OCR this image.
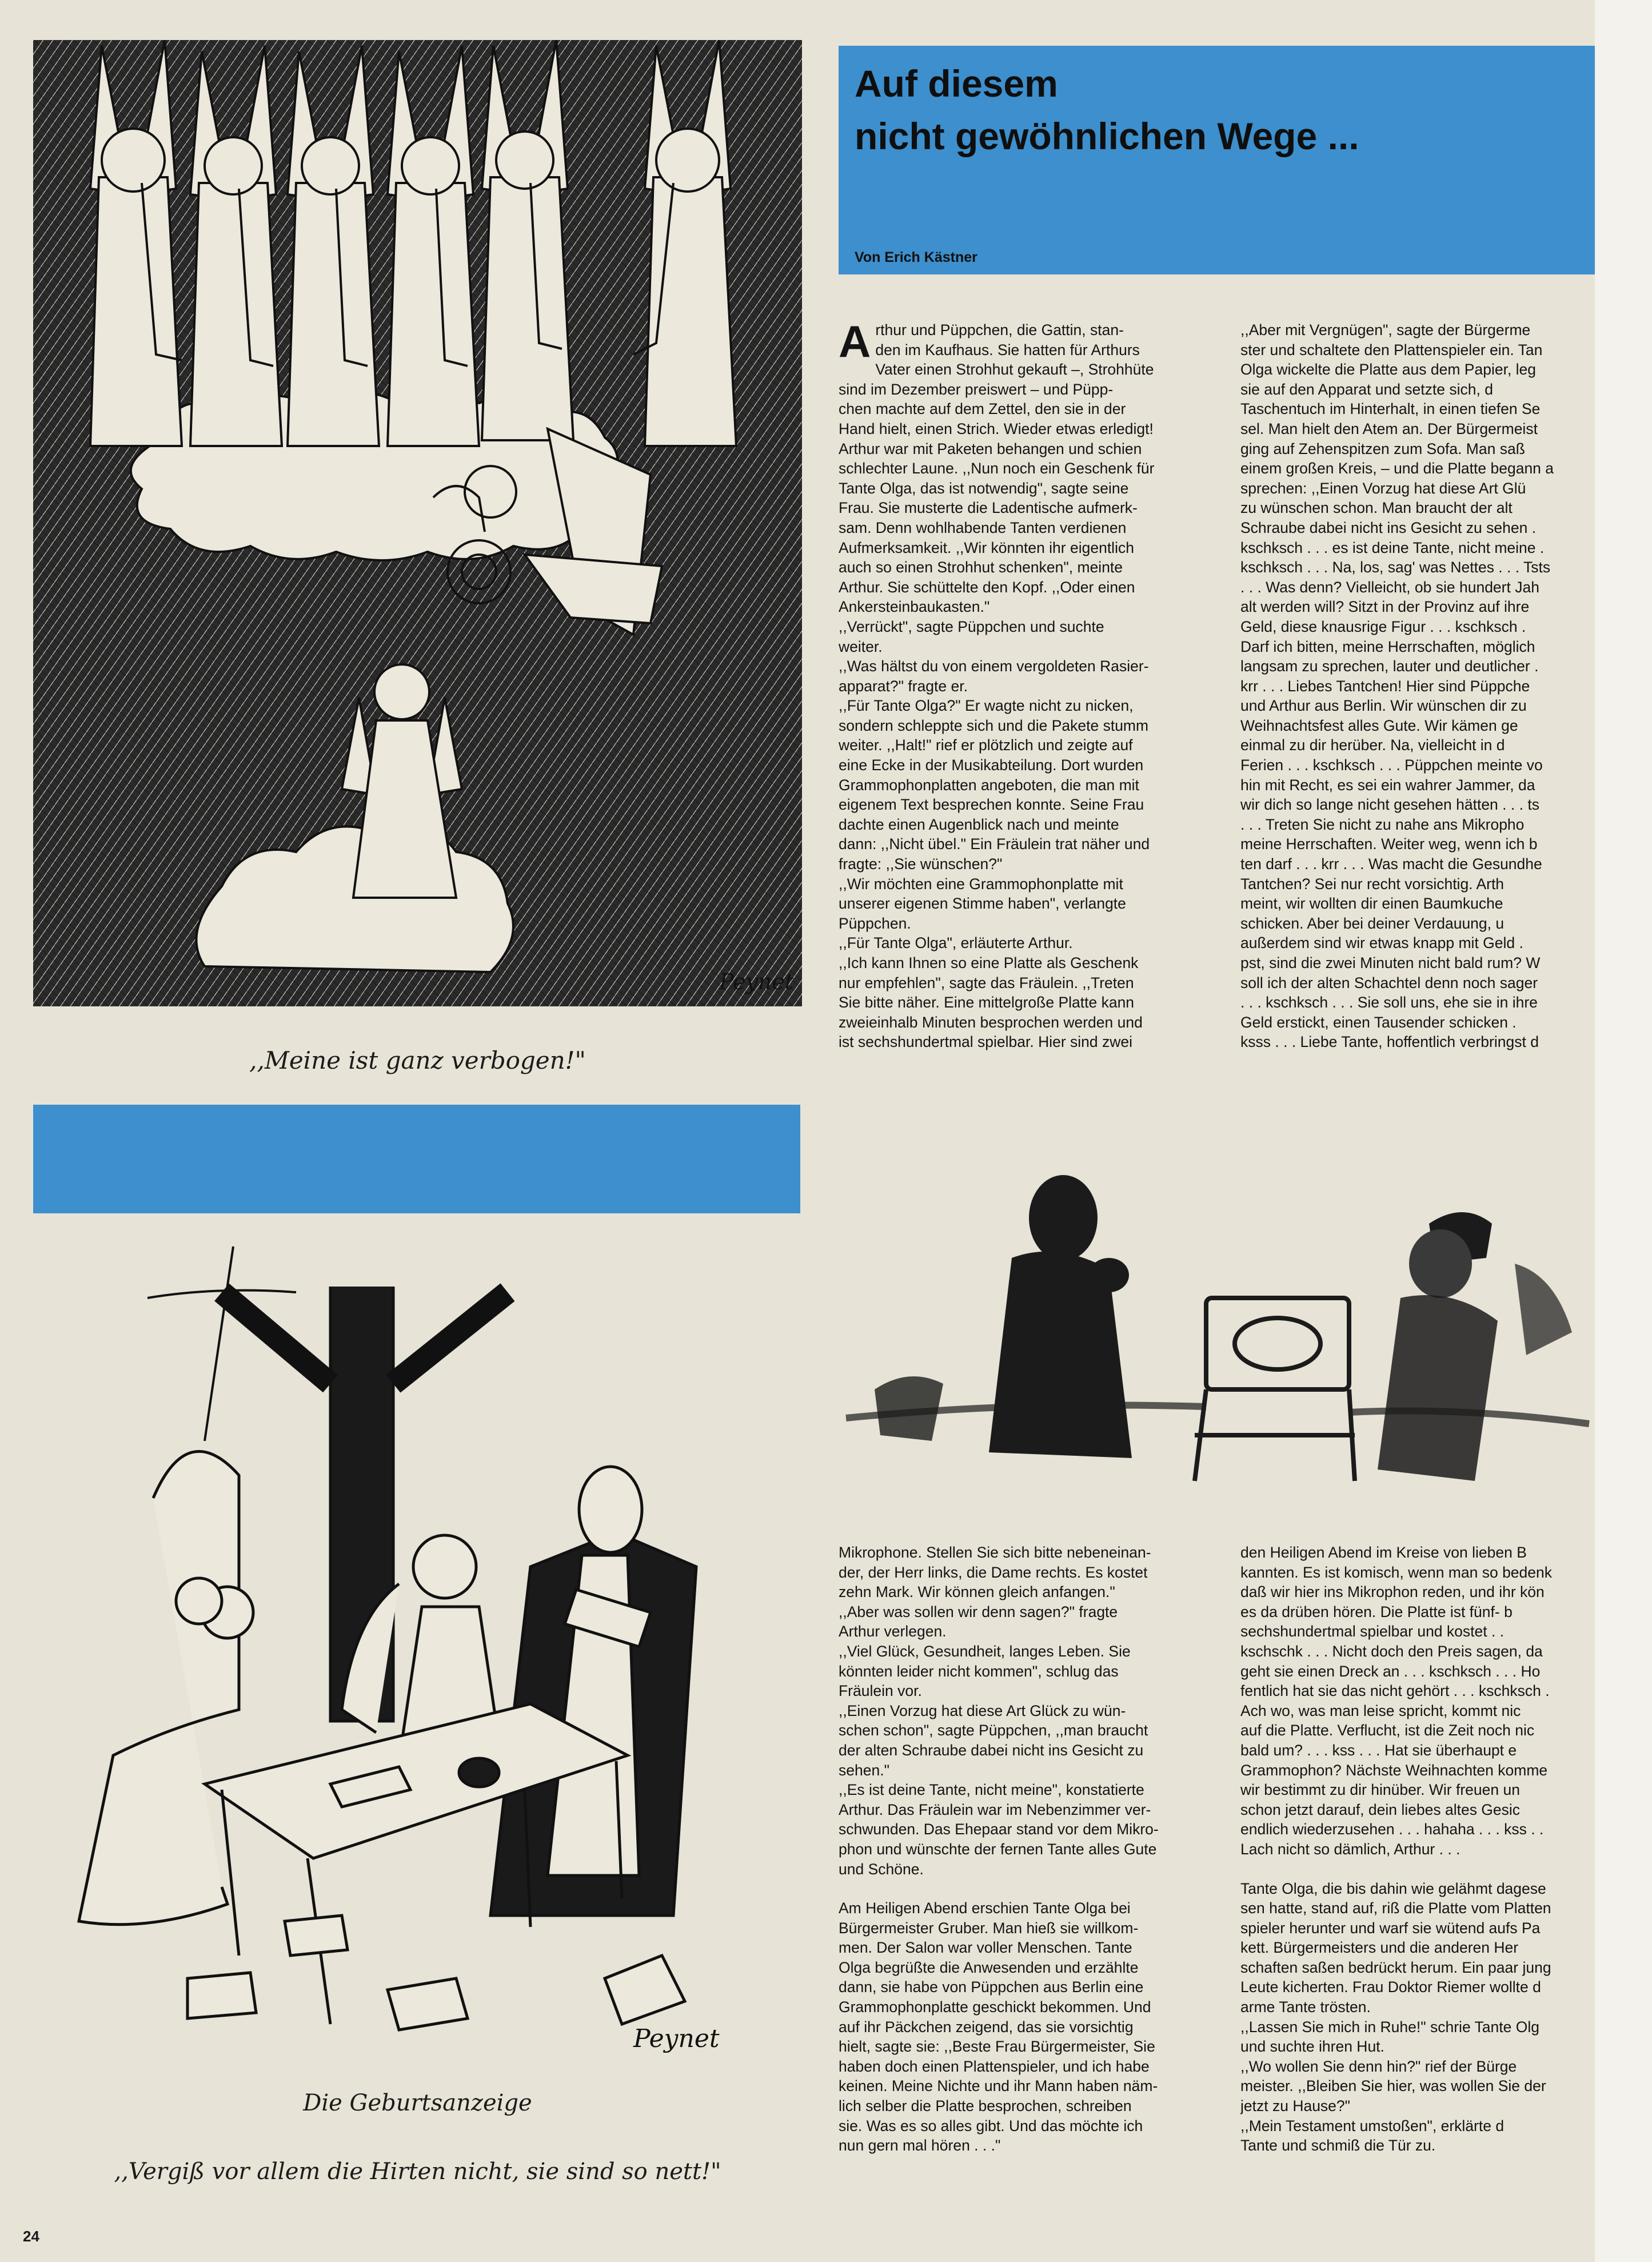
Peynet
,,Meine ist ganz verbogen!"
Peynet
Die Geburtsanzeige
,,Vergiß vor allem die Hirten nicht, sie sind so nett!"
Auf diesem
nicht gewöhnlichen Wege ...
Von Erich Kästner
A rthur und Püppchen, die Gattin, stan-

den im Kaufhaus. Sie hatten für Arthurs

Vater einen Strohhut gekauft –, Strohhüte

sind im Dezember preiswert – und Püpp-

chen machte auf dem Zettel, den sie in der

Hand hielt, einen Strich. Wieder etwas erledigt!

Arthur war mit Paketen behangen und schien

schlechter Laune. ,,Nun noch ein Geschenk für

Tante Olga, das ist notwendig", sagte seine

Frau. Sie musterte die Ladentische aufmerk-

sam. Denn wohlhabende Tanten verdienen

Aufmerksamkeit. ,,Wir könnten ihr eigentlich

auch so einen Strohhut schenken", meinte

Arthur. Sie schüttelte den Kopf. ,,Oder einen

Ankersteinbaukasten."

,,Verrückt", sagte Püppchen und suchte

weiter.

,,Was hältst du von einem vergoldeten Rasier-

apparat?" fragte er.

,,Für Tante Olga?" Er wagte nicht zu nicken,

sondern schleppte sich und die Pakete stumm

weiter. ,,Halt!" rief er plötzlich und zeigte auf

eine Ecke in der Musikabteilung. Dort wurden

Grammophonplatten angeboten, die man mit

eigenem Text besprechen konnte. Seine Frau

dachte einen Augenblick nach und meinte

dann: ,,Nicht übel." Ein Fräulein trat näher und

fragte: ,,Sie wünschen?"

,,Wir möchten eine Grammophonplatte mit

unserer eigenen Stimme haben", verlangte

Püppchen.

,,Für Tante Olga", erläuterte Arthur.

,,Ich kann Ihnen so eine Platte als Geschenk

nur empfehlen", sagte das Fräulein. ,,Treten

Sie bitte näher. Eine mittelgroße Platte kann

zweieinhalb Minuten besprochen werden und

ist sechshundertmal spielbar. Hier sind zwei

,,Aber mit Vergnügen", sagte der Bürgerme

ster und schaltete den Plattenspieler ein. Tan

Olga wickelte die Platte aus dem Papier, leg

sie auf den Apparat und setzte sich, d

Taschentuch im Hinterhalt, in einen tiefen Se

sel. Man hielt den Atem an. Der Bürgermeist

ging auf Zehenspitzen zum Sofa. Man saß

einem großen Kreis, – und die Platte begann a

sprechen: ,,Einen Vorzug hat diese Art Glü

zu wünschen schon. Man braucht der alt

Schraube dabei nicht ins Gesicht zu sehen .

kschksch . . . es ist deine Tante, nicht meine .

kschksch . . . Na, los, sag' was Nettes . . . Tsts

. . . Was denn? Vielleicht, ob sie hundert Jah

alt werden will? Sitzt in der Provinz auf ihre

Geld, diese knausrige Figur . . . kschksch .

Darf ich bitten, meine Herrschaften, möglich

langsam zu sprechen, lauter und deutlicher .

krr . . . Liebes Tantchen! Hier sind Püppche

und Arthur aus Berlin. Wir wünschen dir zu

Weihnachtsfest alles Gute. Wir kämen ge

einmal zu dir herüber. Na, vielleicht in d

Ferien . . . kschksch . . . Püppchen meinte vo

hin mit Recht, es sei ein wahrer Jammer, da

wir dich so lange nicht gesehen hätten . . . ts

. . . Treten Sie nicht zu nahe ans Mikropho

meine Herrschaften. Weiter weg, wenn ich b

ten darf . . . krr . . . Was macht die Gesundhe

Tantchen? Sei nur recht vorsichtig. Arth

meint, wir wollten dir einen Baumkuche

schicken. Aber bei deiner Verdauung, u

außerdem sind wir etwas knapp mit Geld .

pst, sind die zwei Minuten nicht bald rum? W

soll ich der alten Schachtel denn noch sager

. . . kschksch . . . Sie soll uns, ehe sie in ihre

Geld erstickt, einen Tausender schicken .

ksss . . . Liebe Tante, hoffentlich verbringst d

Mikrophone. Stellen Sie sich bitte nebeneinan-

der, der Herr links, die Dame rechts. Es kostet

zehn Mark. Wir können gleich anfangen."

,,Aber was sollen wir denn sagen?" fragte

Arthur verlegen.

,,Viel Glück, Gesundheit, langes Leben. Sie

könnten leider nicht kommen", schlug das

Fräulein vor.

,,Einen Vorzug hat diese Art Glück zu wün-

schen schon", sagte Püppchen, ,,man braucht

der alten Schraube dabei nicht ins Gesicht zu

sehen."

,,Es ist deine Tante, nicht meine", konstatierte

Arthur. Das Fräulein war im Nebenzimmer ver-

schwunden. Das Ehepaar stand vor dem Mikro-

phon und wünschte der fernen Tante alles Gute

und Schöne.

Am Heiligen Abend erschien Tante Olga bei

Bürgermeister Gruber. Man hieß sie willkom-

men. Der Salon war voller Menschen. Tante

Olga begrüßte die Anwesenden und erzählte

dann, sie habe von Püppchen aus Berlin eine

Grammophonplatte geschickt bekommen. Und

auf ihr Päckchen zeigend, das sie vorsichtig

hielt, sagte sie: ,,Beste Frau Bürgermeister, Sie

haben doch einen Plattenspieler, und ich habe

keinen. Meine Nichte und ihr Mann haben näm-

lich selber die Platte besprochen, schreiben

sie. Was es so alles gibt. Und das möchte ich

nun gern mal hören . . ."

den Heiligen Abend im Kreise von lieben B

kannten. Es ist komisch, wenn man so bedenk

daß wir hier ins Mikrophon reden, und ihr kön

es da drüben hören. Die Platte ist fünf- b

sechshundertmal spielbar und kostet . .

kschschk . . . Nicht doch den Preis sagen, da

geht sie einen Dreck an . . . kschksch . . . Ho

fentlich hat sie das nicht gehört . . . kschksch .

Ach wo, was man leise spricht, kommt nic

auf die Platte. Verflucht, ist die Zeit noch nic

bald um? . . . kss . . . Hat sie überhaupt e

Grammophon? Nächste Weihnachten komme

wir bestimmt zu dir hinüber. Wir freuen un

schon jetzt darauf, dein liebes altes Gesic

endlich wiederzusehen . . . hahaha . . . kss . .

Lach nicht so dämlich, Arthur . . .

Tante Olga, die bis dahin wie gelähmt dagese

sen hatte, stand auf, riß die Platte vom Platten

spieler herunter und warf sie wütend aufs Pa

kett. Bürgermeisters und die anderen Her

schaften saßen bedrückt herum. Ein paar jung

Leute kicherten. Frau Doktor Riemer wollte d

arme Tante trösten.

,,Lassen Sie mich in Ruhe!" schrie Tante Olg

und suchte ihren Hut.

,,Wo wollen Sie denn hin?" rief der Bürge

meister. ,,Bleiben Sie hier, was wollen Sie der

jetzt zu Hause?"

,,Mein Testament umstoßen", erklärte d

Tante und schmiß die Tür zu.

24
